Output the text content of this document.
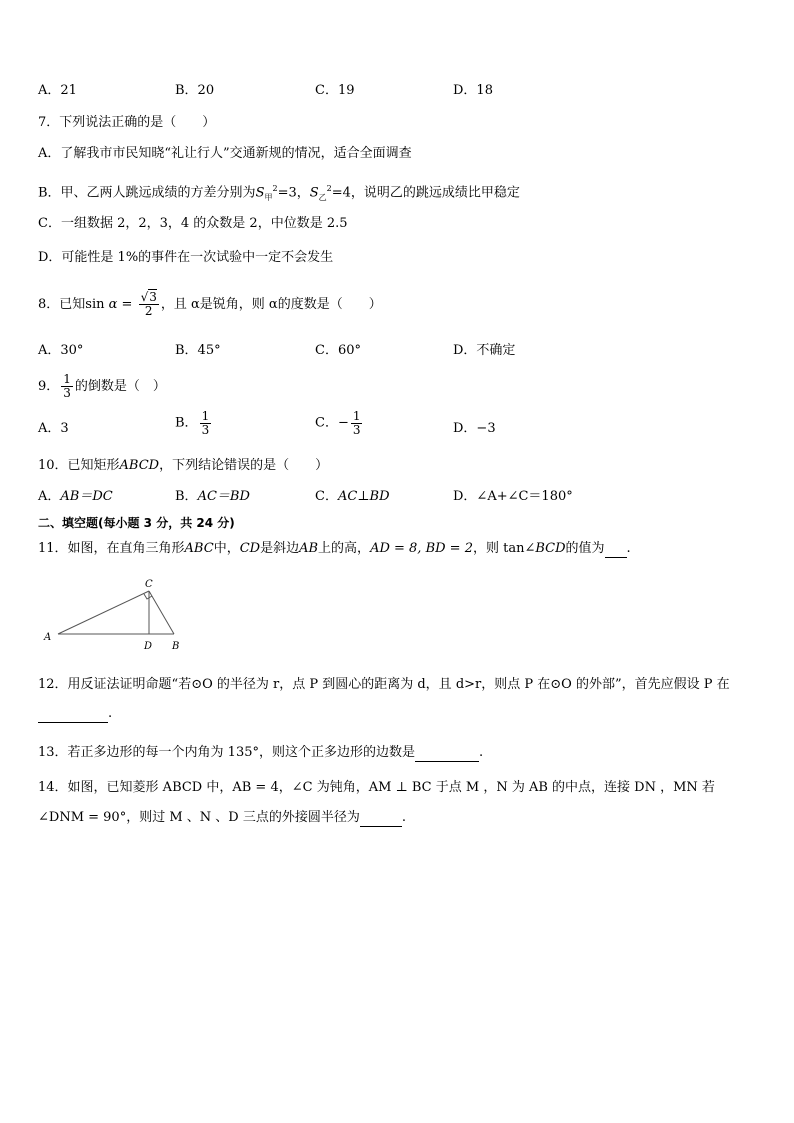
A．21	B．20	C．19	D．18
7．下列说法正确的是（　　）
A．了解我市市民知晓“礼让行人”交通新规的情况，适合全面调查
B．甲、乙两人跳远成绩的方差分别为$S_甲^2=3$，$S_乙^2=4$，说明乙的跳远成绩比甲稳定
C．一组数据 2，2，3，4 的众数是 2，中位数是 2.5
D．可能性是 1%的事件在一次试验中一定不会发生
8．已知$\sin \alpha = \frac{√3}{2}$ ，且 α是锐角，则 α的度数是（　　）
A．30°	B．45°	C．60°	D．不确定
9． $\frac{1}{3}$ 的倒数是（　）
A．3	B． $\frac{1}{3}$	C．− $\frac{1}{3}$	D．−3
10．已知矩形ABCD，下列结论错误的是（　　）
A．AB＝DC	B．AC＝BD	C．AC⊥BD	D．∠A+∠C＝180°
二、填空题(每小题 3 分，共 24 分)
11．如图，在直角三角形ABC中，CD是斜边AB上的高，AD = 8, BD = 2，则 tan∠BCD的值为 .
A
B
C
D
12．用反证法证明命题“若⊙O 的半径为 r，点 P 到圆心的距离为 d，且 d>r，则点 P 在⊙O 的外部”，首先应假设 P 在
.
13．若正多边形的每一个内角为 135°，则这个正多边形的边数是	.
14．如图，已知菱形 ABCD 中，AB = 4，∠C 为钝角，AM ⊥ BC 于点 M ，N 为 AB 的中点，连接 DN ，MN 若
∠DNM = 90°，则过 M 、N 、D 三点的外接圆半径为	.
